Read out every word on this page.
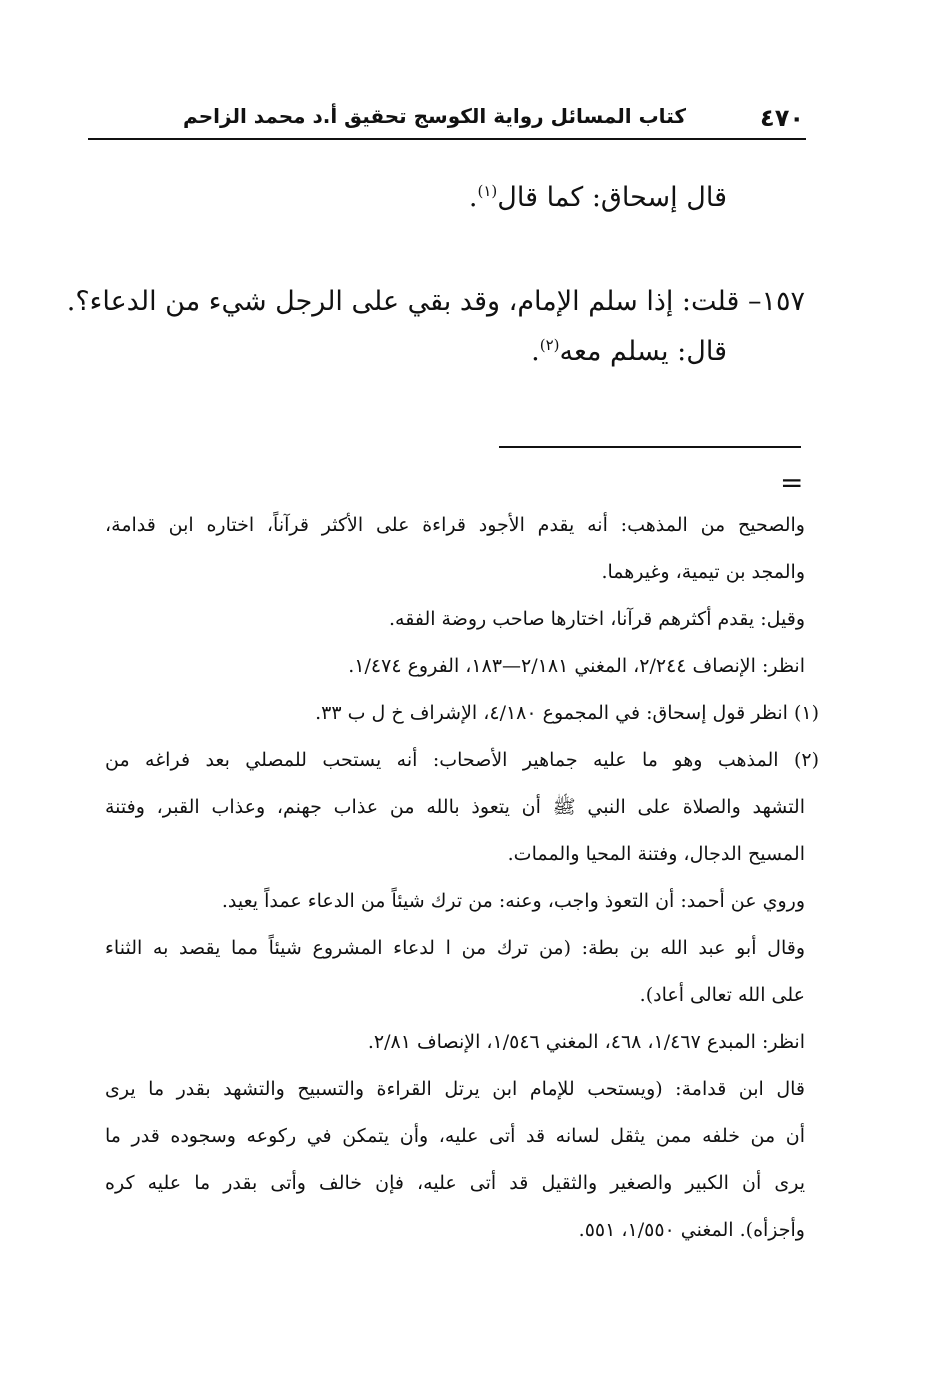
٤٧٠
كتاب المسائل رواية الكوسج تحقيق أ.د محمد الزاحم
قال إسحاق: كما قال$^{(١)}$.
١٥٧– قلت: إذا سلم الإمام، وقد بقي على الرجل شيء من الدعاء؟.
قال: يسلم معه$^{(٢)}$.
=
والصحيح من المذهب: أنه يقدم الأجود قراءة على الأكثر قرآناً، اختاره ابن قدامة،
والمجد بن تيمية، وغيرهما.
وقيل: يقدم أكثرهم قرآنا، اختارها صاحب روضة الفقه.
انظر: الإنصاف ٢/٢٤٤، المغني ٢/١٨١—١٨٣، الفروع ١/٤٧٤.
(١) انظر قول إسحاق: في المجموع ٤/١٨٠، الإشراف خ ل ب ٣٣.
(٢) المذهب وهو ما عليه جماهير الأصحاب: أنه يستحب للمصلي بعد فراغه من
التشهد والصلاة على النبي ﷺ أن يتعوذ بالله من عذاب جهنم، وعذاب القبر، وفتنة
المسيح الدجال، وفتنة المحيا والممات.
وروي عن أحمد: أن التعوذ واجب، وعنه: من ترك شيئاً من الدعاء عمداً يعيد.
وقال أبو عبد الله بن بطة: (من ترك من ا لدعاء المشروع شيئاً مما يقصد به الثناء
على الله تعالى أعاد).
انظر: المبدع ١/٤٦٧، ٤٦٨، المغني ١/٥٤٦، الإنصاف ٢/٨١.
قال ابن قدامة: (ويستحب للإمام ابن يرتل القراءة والتسبيح والتشهد بقدر ما يرى
أن من خلفه ممن يثقل لسانه قد أتى عليه، وأن يتمكن في ركوعه وسجوده قدر ما
يرى أن الكبير والصغير والثقيل قد أتى عليه، فإن خالف وأتى بقدر ما عليه كره
وأجزأه). المغني ١/٥٥٠، ٥٥١.
